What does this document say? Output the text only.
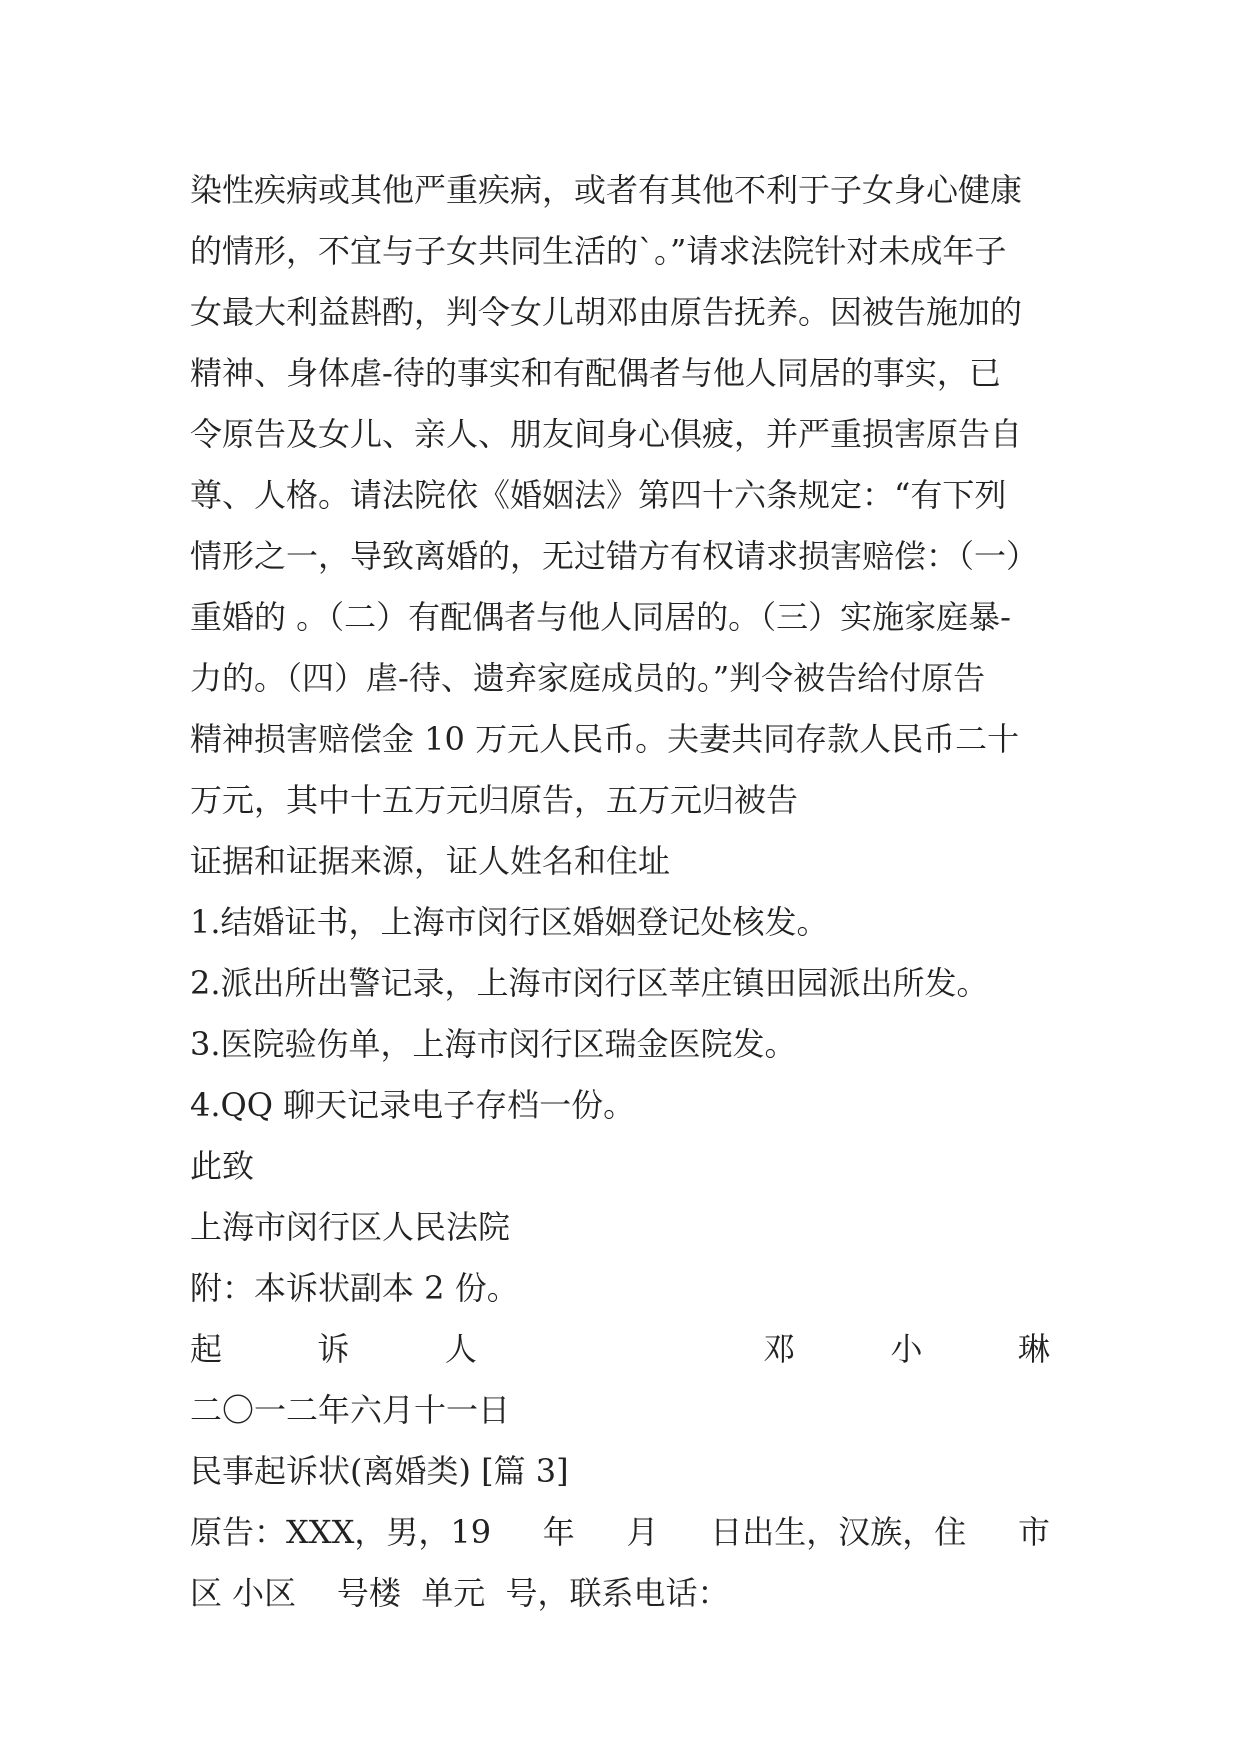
染性疾病或其他严重疾病，或者有其他不利于子女身心健康
的情形，不宜与子女共同生活的`。”请求法院针对未成年子
女最大利益斟酌，判令女儿胡邓由原告抚养。因被告施加的
精神、身体虐-待的事实和有配偶者与他人同居的事实，已
令原告及女儿、亲人、朋友间身心俱疲，并严重损害原告自
尊、人格。请法院依《婚姻法》第四十六条规定：“有下列
情形之一，导致离婚的，无过错方有权请求损害赔偿：（一）
重婚的 。（二）有配偶者与他人同居的。（三）实施家庭暴-
力的。（四）虐-待、遗弃家庭成员的。”判令被告给付原告
精神损害赔偿金 10 万元人民币。夫妻共同存款人民币二十
万元，其中十五万元归原告，五万元归被告
证据和证据来源，证人姓名和住址
1.结婚证书，上海市闵行区婚姻登记处核发。
2.派出所出警记录，上海市闵行区莘庄镇田园派出所发。
3.医院验伤单，上海市闵行区瑞金医院发。
4.QQ 聊天记录电子存档一份。
此致
上海市闵行区人民法院
附：本诉状副本 2 份。
起	诉	人	邓	小	琳
二〇一二年六月十一日
民事起诉状(离婚类) [篇 3]
原告：XXX，男，19 年 月 日出生，汉族，住 市
区 小区    号楼  单元  号，联系电话：
